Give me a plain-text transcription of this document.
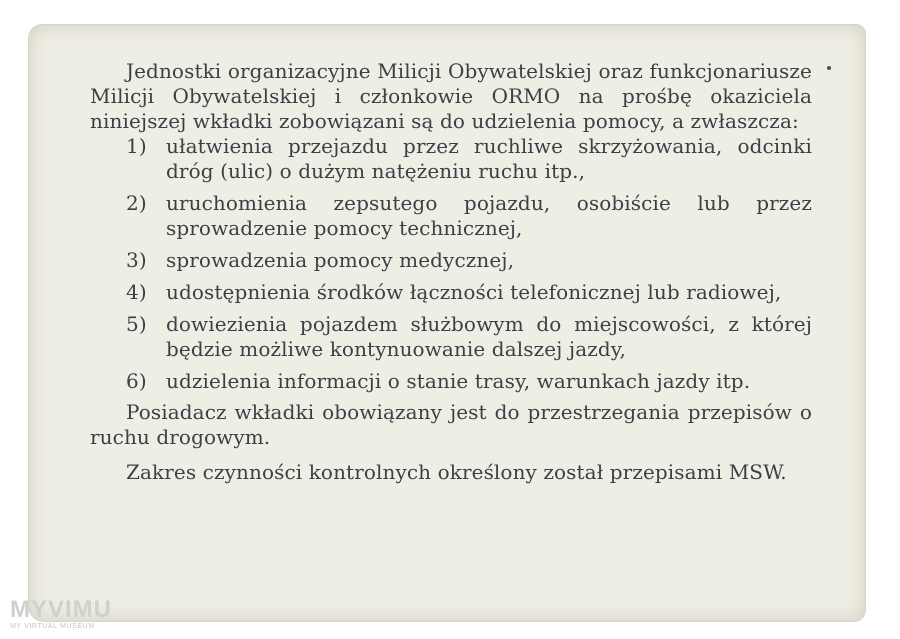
Jednostki organizacyjne Milicji Obywatelskiej oraz funkcjonariusze Milicji Obywatelskiej i członkowie ORMO na prośbę okaziciela niniejszej wkładki zobowiązani są do udzielenia pomocy, a zwłaszcza:

1) ułatwienia przejazdu przez ruchliwe skrzyżowania, odcinki dróg (ulic) o dużym natężeniu ruchu itp.,
2) uruchomienia zepsutego pojazdu, osobiście lub przez sprowadzenie pomocy technicznej,
3) sprowadzenia pomocy medycznej,
4) udostępnienia środków łączności telefonicznej lub radiowej,
5) dowiezienia pojazdem służbowym do miejscowości, z której będzie możliwe kontynuowanie dalszej jazdy,
6) udzielenia informacji o stanie trasy, warunkach jazdy itp.

Posiadacz wkładki obowiązany jest do przestrzegania przepisów o ruchu drogowym.

Zakres czynności kontrolnych określony został przepisami MSW.

MYVIMU
MY VIRTUAL MUSEUM
